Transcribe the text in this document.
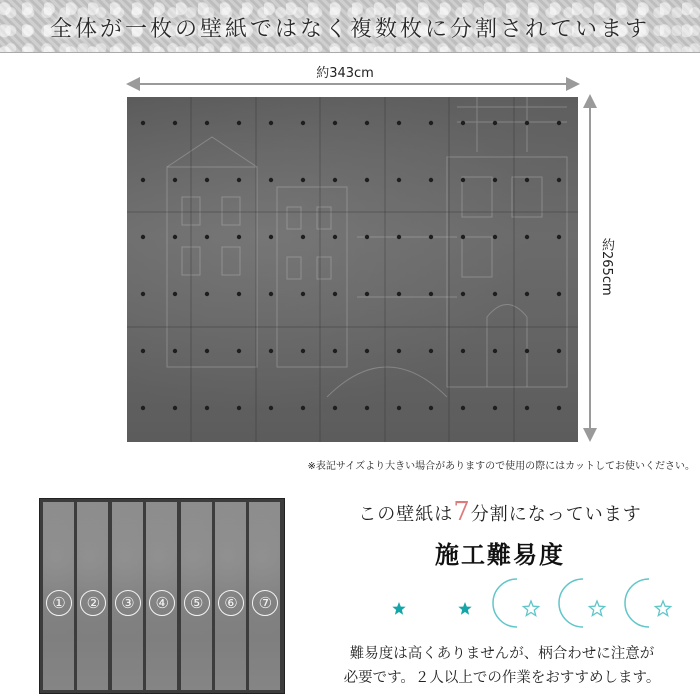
全体が一枚の壁紙ではなく複数枚に分割されています
約343cm
約265cm
※表記サイズより大きい場合がありますので使用の際にはカットしてお使いください。
①	②	③	④	⑤	⑥	⑦
この壁紙は7分割になっています
施工難易度
難易度は高くありませんが、柄合わせに注意が
必要です。２人以上での作業をおすすめします。
